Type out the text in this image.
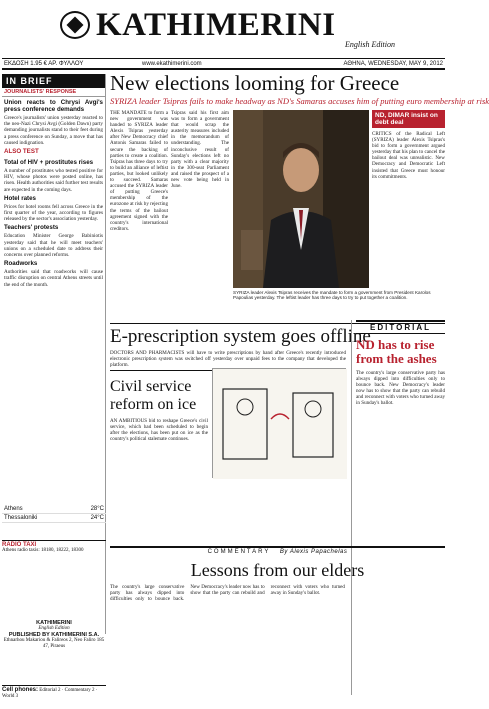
KATHIMERINI
English Edition
ΕΚΔΟΣΗ 1.95 € ΑΡ. ΦΥΛΛΟΥ	www.ekathimerini.com	ΑΘΗΝΑ, WEDNESDAY, MAY 9, 2012
IN BRIEF
JOURNALISTS' RESPONSE
Union reacts to Chrysi Avgi's press conference demands

Greece's journalists' union yesterday reacted to the neo-Nazi Chrysi Avgi (Golden Dawn) party demanding journalists stand to their feet during a press conference on Sunday, a move that has caused indignation.

ALSO TEST
Total of HIV + prostitutes rises

A number of prostitutes who tested positive for HIV, whose photos were posted online, has risen. Health authorities said further test results are expected in the coming days.

Hotel rates

Prices for hotel rooms fell across Greece in the first quarter of the year, according to figures released by the sector's association yesterday.

Teachers' protests

Education Minister George Babiniotis yesterday said that he will meet teachers' unions on a scheduled date to address their concerns over planned reforms.

Roadworks

Authorities said that roadworks will cause traffic disruption on central Athens streets until the end of the month.

Athens	28°C
Thessaloniki	24°C
RADIO TAXI
Athens radio taxis: 18180, 18222, 18300
KATHIMERINI
English Edition
PUBLISHED BY KATHIMERINI S.A.
Ethnarhou Makariou & Falireos 2, Neo Faliro 185 47, Piraeus
Cell phones: Editorial 2 · Commentary 2 · World 3
New elections looming for Greece
SYRIZA leader Tsipras fails to make headway as ND's Samaras accuses him of putting euro membership at risk
THE MANDATE to form a new government was handed to SYRIZA leader Alexis Tsipras yesterday after New Democracy chief Antonis Samaras failed to secure the backing of parties to create a coalition. Tsipras has three days to try to build an alliance of leftist parties, but looked unlikely to succeed. Samaras accused the SYRIZA leader of putting Greece's membership of the eurozone at risk by rejecting the terms of the bailout agreement signed with the country's international creditors.
Tsipras said his first aim was to form a government that would scrap the austerity measures included in the memorandum of understanding. The inconclusive result of Sunday's elections left no party with a clear majority in the 300-seat Parliament and raised the prospect of a new vote being held in June.
SYRIZA leader Alexis Tsipras receives the mandate to form a government from President Karolos Papoulias yesterday. The leftist leader has three days to try to put together a coalition.
ND, DIMAR insist on debt deal
CRITICS of the Radical Left (SYRIZA) leader Alexis Tsipras's bid to form a government argued yesterday that his plan to cancel the bailout deal was unrealistic. New Democracy and Democratic Left insisted that Greece must honour its commitments.
E-prescription system goes offline
DOCTORS AND PHARMACISTS will have to write prescriptions by hand after Greece's recently introduced electronic prescription system was switched off yesterday over unpaid fees to the company that developed the platform.
Civil service reform on ice
AN AMBITIOUS bid to reshape Greece's civil service, which had been scheduled to begin after the elections, has been put on ice as the country's political stalemate continues.
EDITORIAL
ND has to rise from the ashes
The country's large conservative party has always dipped into difficulties only to bounce back. New Democracy's leader now has to show that the party can rebuild and reconnect with voters who turned away in Sunday's ballot.
COMMENTARY By Alexis Papachelas
Lessons from our elders
The country's large conservative party has always dipped into difficulties only to bounce back. New Democracy's leader now has to show that the party can rebuild and reconnect with voters who turned away in Sunday's ballot.
